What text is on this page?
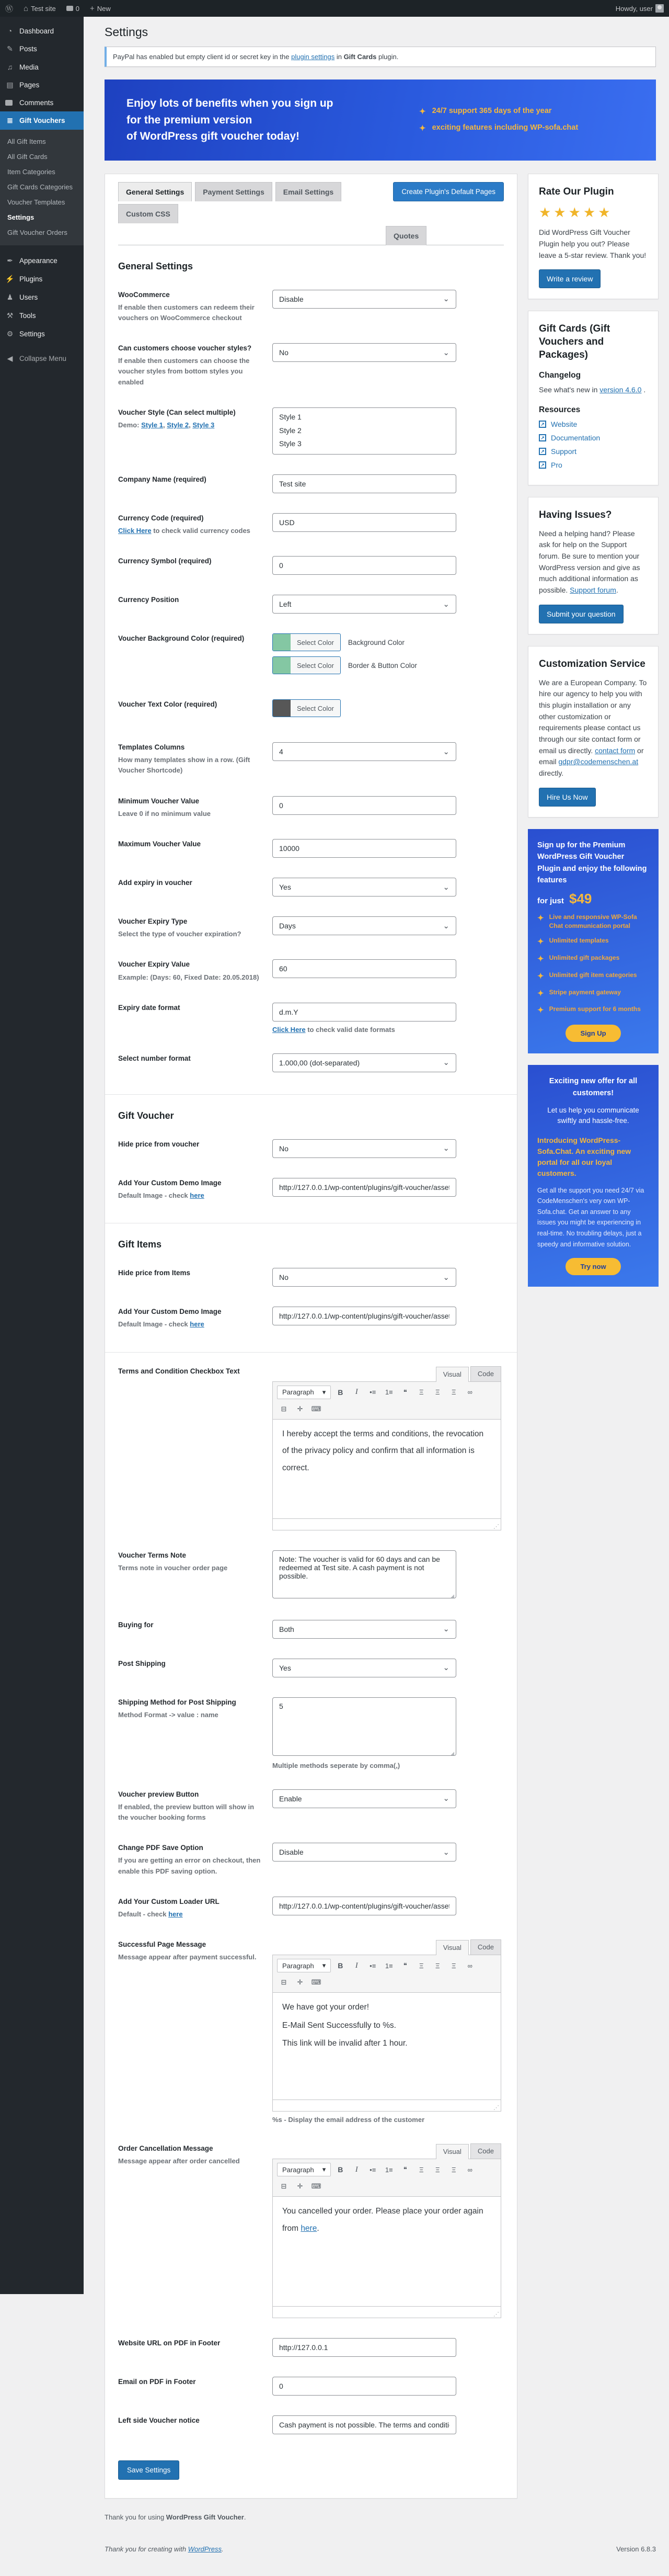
Ⓦ ⌂ Test site	0 + New	Howdy, user
◔	Dashboard
✎ Posts
♫ Media
▤ Pages
Comments
≣ Gift Vouchers
All Gift Items
All Gift Cards
Item Categories
Gift Cards Categories
Voucher Templates
Settings
Gift Voucher Orders
✒ Appearance
⚡ Plugins
♟ Users
⚒ Tools
⚙ Settings
◀ Collapse Menu
Settings
PayPal has enabled but empty client id or secret key in the plugin settings in Gift Cards plugin.
Enjoy lots of benefits when you sign up
for the premium version
of WordPress gift voucher today!
✦ 24/7 support 365 days of the year
✦ exciting features including WP-sofa.chat
General Settings	Payment Settings	Email Settings
Custom CSS
Quotes
Create Plugin's Default Pages
General Settings
WooCommerce
If enable then customers can redeem their vouchers on WooCommerce checkout
Disable	⌄
Can customers choose voucher styles?
If enable then customers can choose the voucher styles from bottom styles you enabled
No	⌄
Voucher Style (Can select multiple)
Demo: Style 1, Style 2, Style 3
Style 1
Style 2
Style 3
Company Name (required)
Test site
Currency Code (required)
Click Here to check valid currency codes
USD
Currency Symbol (required)
0
Currency Position
Left	⌄
Voucher Background Color (required)	Select Color	Background Color
Select Color	Border & Button Color
Voucher Text Color (required)	Select Color
Templates Columns
How many templates show in a row. (Gift Voucher Shortcode)
4	⌄
Minimum Voucher Value
Leave 0 if no minimum value
0
Maximum Voucher Value
10000
Add expiry in voucher
Yes	⌄
Voucher Expiry Type
Select the type of voucher expiration?
Days	⌄
Voucher Expiry Value
Example: (Days: 60, Fixed Date: 20.05.2018)
60
Expiry date format
d.m.Y
Click Here to check valid date formats
Select number format
1.000,00 (dot-separated)	⌄
Gift Voucher
Hide price from voucher
No	⌄
Add Your Custom Demo Image
Default Image - check here
http://127.0.0.1/wp-content/plugins/gift-voucher/assets
Gift Items
Hide price from Items
No	⌄
Add Your Custom Demo Image
Default Image - check here
http://127.0.0.1/wp-content/plugins/gift-voucher/assets
Terms and Condition Checkbox Text	Visual	Code
Paragraph ▾	B	I	•≡	1≡	❝	Ξ	Ξ	Ξ	∞
⊟	✛	⌨

I hereby accept the terms and conditions, the revocation of the privacy policy and confirm that all information is correct.

⋰
Voucher Terms Note
Terms note in voucher order page
Note: The voucher is valid for 60 days and can be redeemed at Test site. A cash payment is not possible. ◢
Buying for
Both	⌄
Post Shipping
Yes	⌄
Shipping Method for Post Shipping
Method Format -> value : name
5 ◢
Multiple methods seperate by comma(,)
Voucher preview Button
If enabled, the preview button will show in the voucher booking forms
Enable	⌄
Change PDF Save Option
If you are getting an error on checkout, then enable this PDF saving option.
Disable	⌄
Add Your Custom Loader URL
Default - check here
http://127.0.0.1/wp-content/plugins/gift-voucher/assets
Successful Page Message
Message appear after payment successful.
Visual	Code
Paragraph ▾	B	I	•≡	1≡	❝	Ξ	Ξ	Ξ	∞
⊟	✛	⌨

We have got your order!

E-Mail Sent Successfully to %s.

This link will be invalid after 1 hour.

⋰
%s - Display the email address of the customer
Order Cancellation Message
Message appear after order cancelled
Visual	Code
Paragraph ▾	B	I	•≡	1≡	❝	Ξ	Ξ	Ξ	∞
⊟	✛	⌨

You cancelled your order. Please place your order again from here.

⋰
Website URL on PDF in Footer
http://127.0.0.1
Email on PDF in Footer
0
Left side Voucher notice
Cash payment is not possible. The terms and conditio
Save Settings
Rate Our Plugin
★★★★★

Did WordPress Gift Voucher Plugin help you out? Please leave a 5-star review. Thank you!

Write a review
Gift Cards (Gift Vouchers and Packages)
Changelog

See what's new in version 4.6.0 .

Resources
↗ Website
↗ Documentation
↗ Support
↗ Pro
Having Issues?

Need a helping hand? Please ask for help on the Support forum. Be sure to mention your WordPress version and give as much additional information as possible. Support forum.

Submit your question
Customization Service

We are a European Company. To hire our agency to help you with this plugin installation or any other customization or requirements please contact us through our site contact form or email us directly. contact form or email gdpr@codemenschen.at directly.

Hire Us Now
Sign up for the Premium WordPress Gift Voucher Plugin and enjoy the following features
for just $49
✦ Live and responsive WP-Sofa Chat communication portal
✦ Unlimited templates
✦ Unlimited gift packages
✦ Unlimited gift item categories
✦ Stripe payment gateway
✦ Premium support for 6 months
Sign Up
Exciting new offer for all customers!
Let us help you communicate swiftly and hassle-free.
Introducing WordPress-Sofa.Chat. An exciting new portal for all our loyal customers.
Get all the support you need 24/7 via CodeMenschen's very own WP-Sofa.chat. Get an answer to any issues you might be experiencing in real-time. No troubling delays, just a speedy and informative solution.
Try now
Thank you for using WordPress Gift Voucher.
Thank you for creating with WordPress.	Version 6.8.3
